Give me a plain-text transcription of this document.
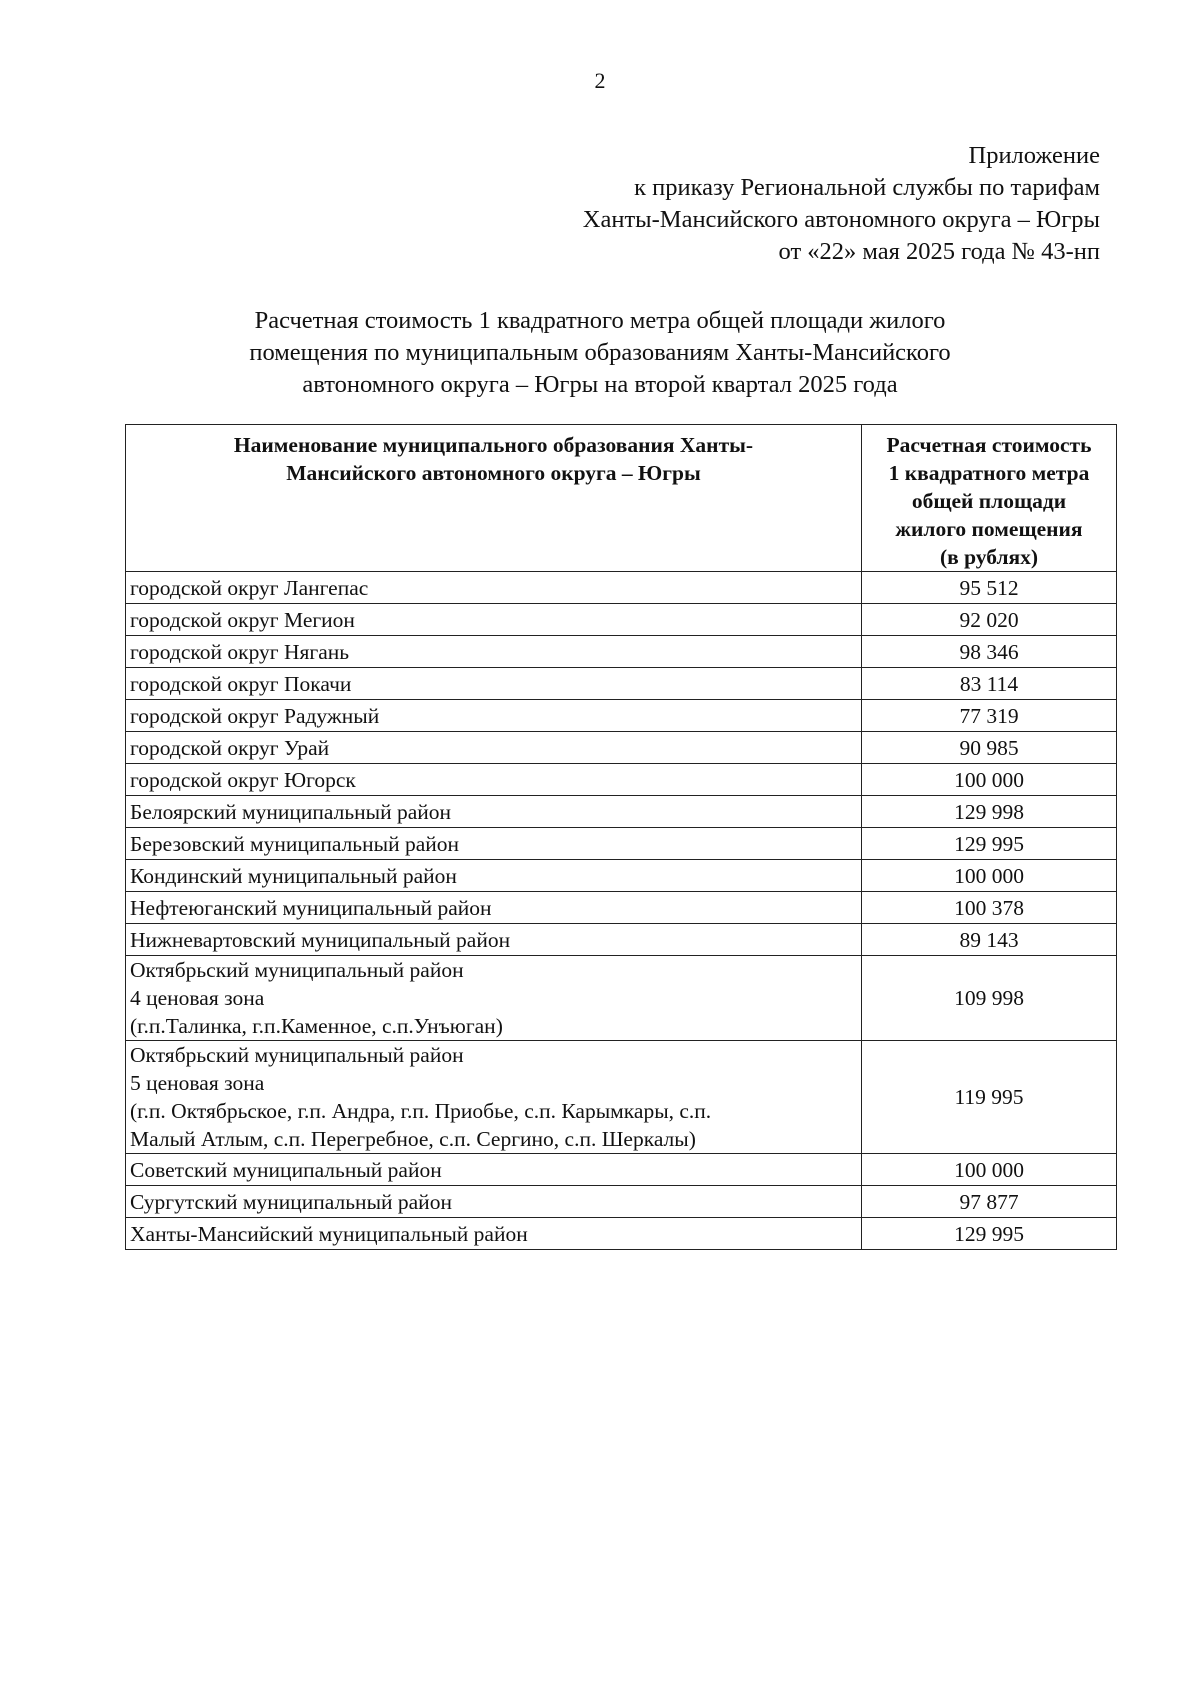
2
Приложение
к приказу Региональной службы по тарифам
Ханты-Мансийского автономного округа – Югры
от «22» мая 2025 года № 43-нп
Расчетная стоимость 1 квадратного метра общей площади жилого
помещения по муниципальным образованиям Ханты-Мансийского
автономного округа – Югры на второй квартал 2025 года
Наименование муниципального образования Ханты-
Мансийского автономного округа – Югры	Расчетная стоимость
1 квадратного метра
общей площади
жилого помещения
(в рублях)

городской округ Лангепас	95 512

городской округ Мегион	92 020

городской округ Нягань	98 346

городской округ Покачи	83 114

городской округ Радужный	77 319

городской округ Урай	90 985

городской округ Югорск	100 000

Белоярский муниципальный район	129 998

Березовский муниципальный район	129 995

Кондинский муниципальный район	100 000

Нефтеюганский муниципальный район	100 378

Нижневартовский муниципальный район	89 143

Октябрьский муниципальный район
4 ценовая зона
(г.п.Талинка, г.п.Каменное, с.п.Унъюган)	109 998

Октябрьский муниципальный район
5 ценовая зона
(г.п. Октябрьское, г.п. Андра, г.п. Приобье, с.п. Карымкары, с.п.
Малый Атлым, с.п. Перегребное, с.п. Сергино, с.п. Шеркалы)	119 995

Советский муниципальный район	100 000

Сургутский муниципальный район	97 877

Ханты-Мансийский муниципальный район	129 995
